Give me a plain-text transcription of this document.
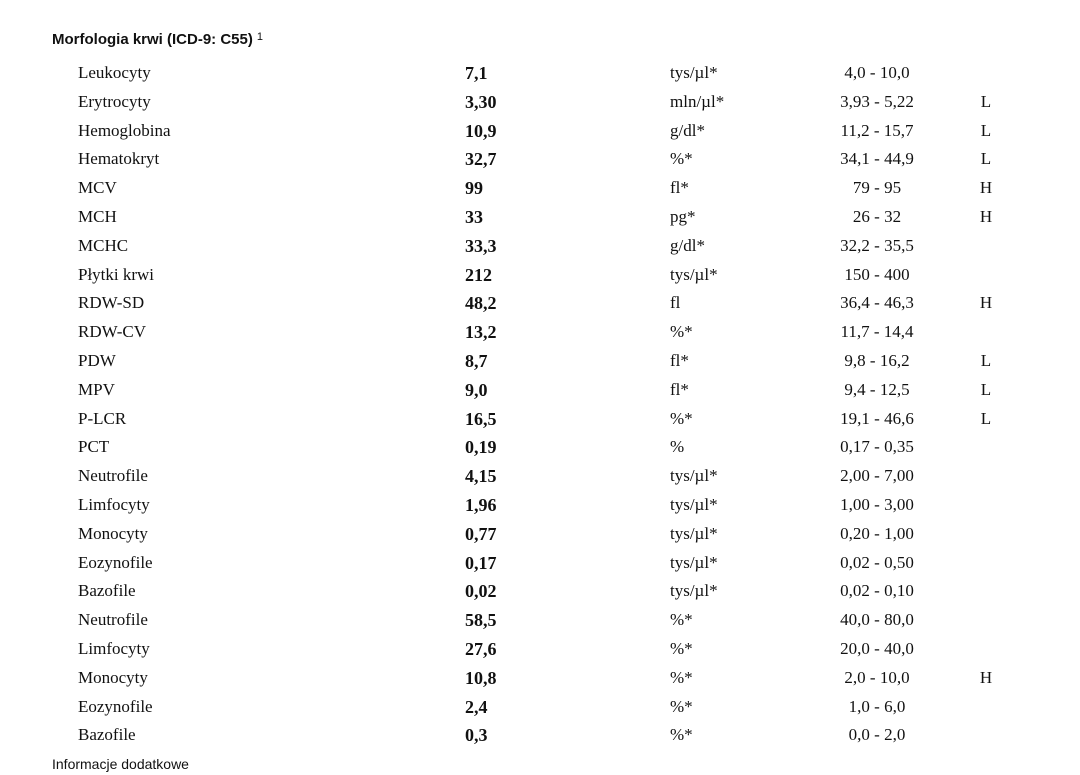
Morfologia krwi (ICD-9: C55) $^1$
Leukocyty	7,1	tys/µl*	4,0 - 10,0
Erytrocyty	3,30	mln/µl*	3,93 - 5,22	L
Hemoglobina	10,9	g/dl*	11,2 - 15,7	L
Hematokryt	32,7	%*	34,1 - 44,9	L
MCV	99	fl*	79 - 95	H
MCH	33	pg*	26 - 32	H
MCHC	33,3	g/dl*	32,2 - 35,5
Płytki krwi	212	tys/µl*	150 - 400
RDW-SD	48,2	fl	36,4 - 46,3	H
RDW-CV	13,2	%*	11,7 - 14,4
PDW	8,7	fl*	9,8 - 16,2	L
MPV	9,0	fl*	9,4 - 12,5	L
P-LCR	16,5	%*	19,1 - 46,6	L
PCT	0,19	%	0,17 - 0,35
Neutrofile	4,15	tys/µl*	2,00 - 7,00
Limfocyty	1,96	tys/µl*	1,00 - 3,00
Monocyty	0,77	tys/µl*	0,20 - 1,00
Eozynofile	0,17	tys/µl*	0,02 - 0,50
Bazofile	0,02	tys/µl*	0,02 - 0,10
Neutrofile	58,5	%*	40,0 - 80,0
Limfocyty	27,6	%*	20,0 - 40,0
Monocyty	10,8	%*	2,0 - 10,0	H
Eozynofile	2,4	%*	1,0 - 6,0
Bazofile	0,3	%*	0,0 - 2,0
Informacje dodatkowe
